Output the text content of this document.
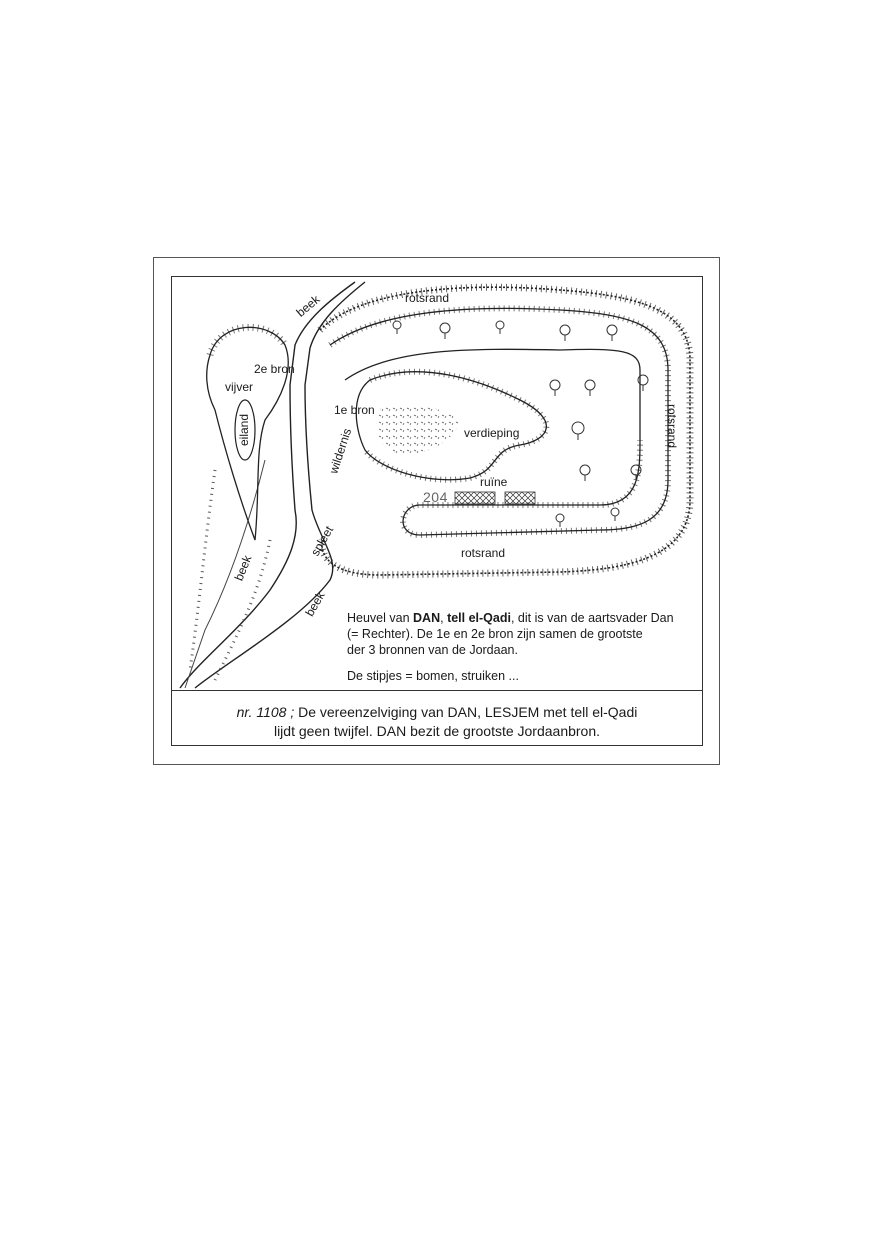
rotsrand
rotsrand
rotsrand
beek
beek
beek
2e bron
vijver
eiland
1e bron
wildernis	verdieping
ruïne
spleet
204
Heuvel van DAN, tell el-Qadi, dit is van de aartsvader Dan
(= Rechter). De 1e en 2e bron zijn samen de grootste
der 3 bronnen van de Jordaan.
De stipjes = bomen, struiken ...
nr. 1108 ; De vereenzelviging van DAN, LESJEM met tell el-Qadi
lijdt geen twijfel. DAN bezit de grootste Jordaanbron.
